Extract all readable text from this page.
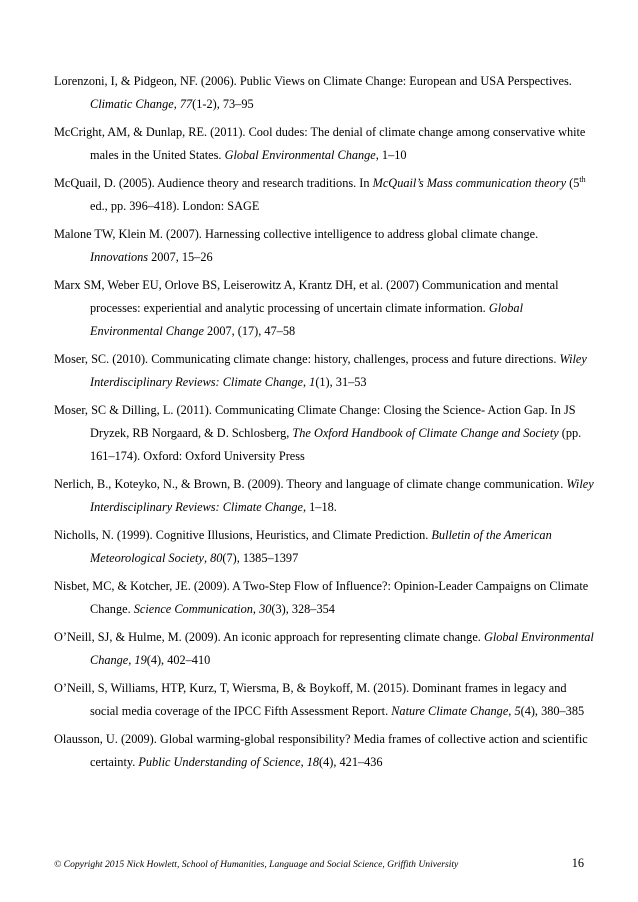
Lorenzoni, I, & Pidgeon, NF. (2006). Public Views on Climate Change: European and USA Perspectives. Climatic Change, 77(1-2), 73–95

McCright, AM, & Dunlap, RE. (2011). Cool dudes: The denial of climate change among conservative white males in the United States. Global Environmental Change, 1–10

McQuail, D. (2005). Audience theory and research traditions. In McQuail’s Mass communication theory (5th ed., pp. 396–418). London: SAGE

Malone TW, Klein M. (2007). Harnessing collective intelligence to address global climate change. Innovations 2007, 15–26

Marx SM, Weber EU, Orlove BS, Leiserowitz A, Krantz DH, et al. (2007) Communication and mental processes: experiential and analytic processing of uncertain climate information. Global Environmental Change 2007, (17), 47–58

Moser, SC. (2010). Communicating climate change: history, challenges, process and future directions. Wiley Interdisciplinary Reviews: Climate Change, 1(1), 31–53

Moser, SC & Dilling, L. (2011). Communicating Climate Change: Closing the Science- Action Gap. In JS Dryzek, RB Norgaard, & D. Schlosberg, The Oxford Handbook of Climate Change and Society (pp. 161–174). Oxford: Oxford University Press

Nerlich, B., Koteyko, N., & Brown, B. (2009). Theory and language of climate change communication. Wiley Interdisciplinary Reviews: Climate Change, 1–18.

Nicholls, N. (1999). Cognitive Illusions, Heuristics, and Climate Prediction. Bulletin of the American Meteorological Society, 80(7), 1385–1397

Nisbet, MC, & Kotcher, JE. (2009). A Two-Step Flow of Influence?: Opinion-Leader Campaigns on Climate Change. Science Communication, 30(3), 328–354

O’Neill, SJ, & Hulme, M. (2009). An iconic approach for representing climate change. Global Environmental Change, 19(4), 402–410

O’Neill, S, Williams, HTP, Kurz, T, Wiersma, B, & Boykoff, M. (2015). Dominant frames in legacy and social media coverage of the IPCC Fifth Assessment Report. Nature Climate Change, 5(4), 380–385

Olausson, U. (2009). Global warming-global responsibility? Media frames of collective action and scientific certainty. Public Understanding of Science, 18(4), 421–436

© Copyright 2015 Nick Howlett, School of Humanities, Language and Social Science, Griffith University	16
